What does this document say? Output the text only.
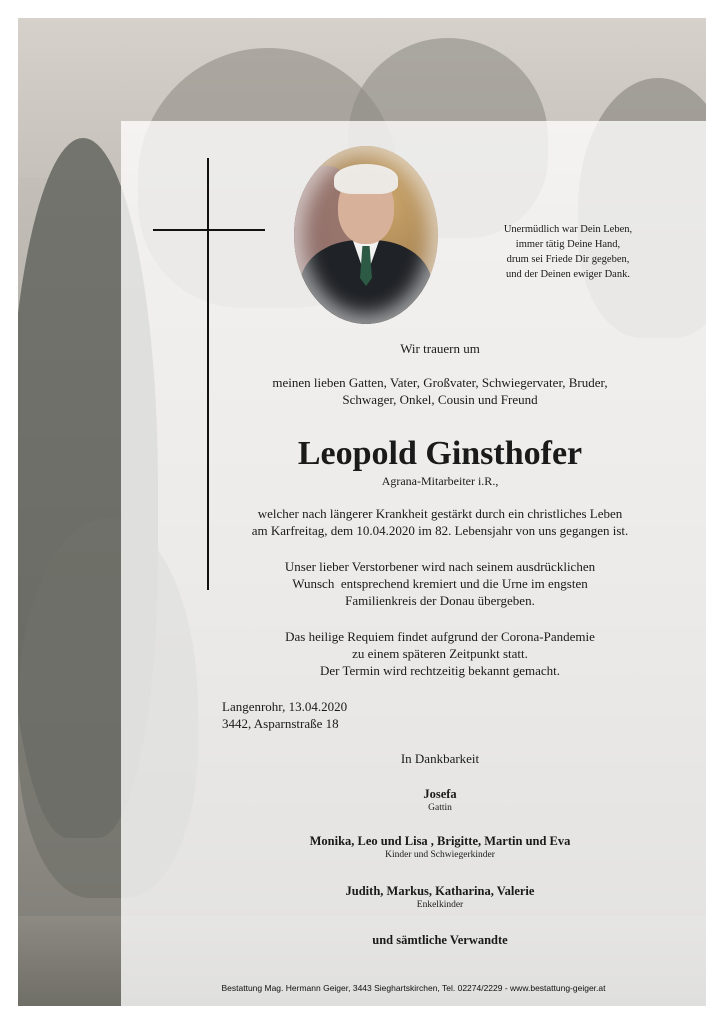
Unermüdlich war Dein Leben,
immer tätig Deine Hand,
drum sei Friede Dir gegeben,
und der Deinen ewiger Dank.
Wir trauern um
meinen lieben Gatten, Vater, Großvater, Schwiegervater, Bruder,
Schwager, Onkel, Cousin und Freund
Leopold Ginsthofer
Agrana-Mitarbeiter i.R.,
welcher nach längerer Krankheit gestärkt durch ein christliches Leben
am Karfreitag, dem 10.04.2020 im 82. Lebensjahr von uns gegangen ist.
Unser lieber Verstorbener wird nach seinem ausdrücklichen
Wunsch  entsprechend kremiert und die Urne im engsten
Familienkreis der Donau übergeben.
Das heilige Requiem findet aufgrund der Corona-Pandemie
zu einem späteren Zeitpunkt statt.
Der Termin wird rechtzeitig bekannt gemacht.
Langenrohr, 13.04.2020
3442, Asparnstraße 18
In Dankbarkeit
Josefa
Gattin
Monika, Leo und Lisa , Brigitte, Martin und Eva
Kinder und Schwiegerkinder
Judith, Markus, Katharina, Valerie
Enkelkinder
und sämtliche Verwandte
Bestattung Mag. Hermann Geiger, 3443 Sieghartskirchen, Tel. 02274/2229 - www.bestattung-geiger.at
